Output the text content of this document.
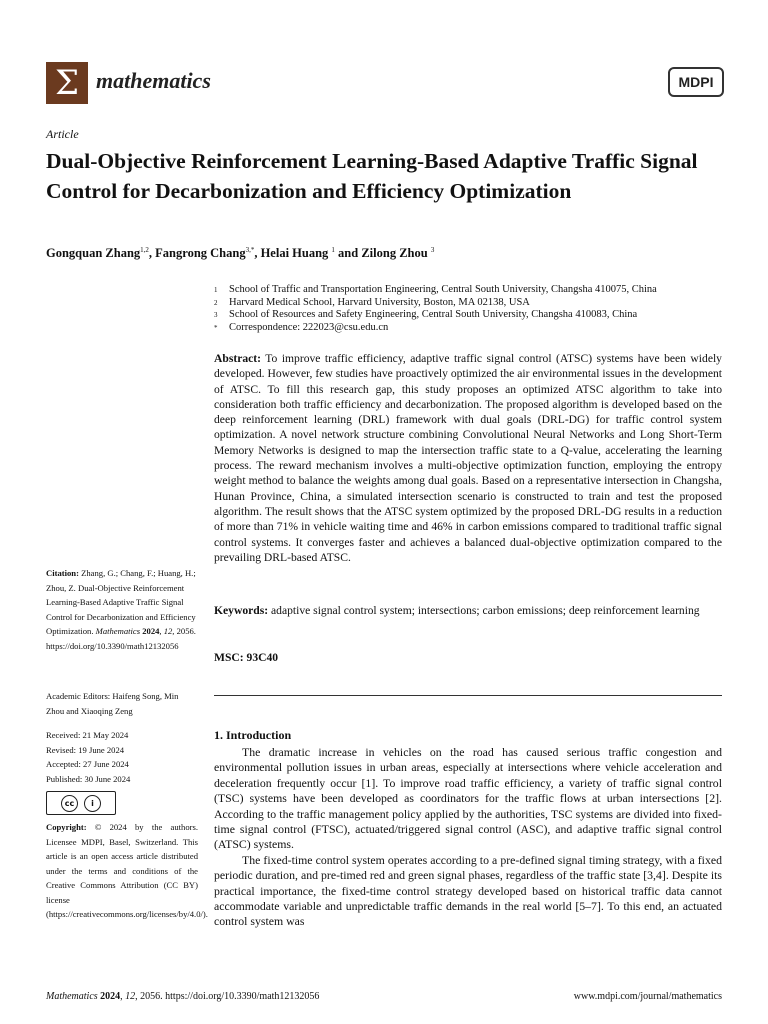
Σ mathematics	MDPI
Article
Dual-Objective Reinforcement Learning-Based Adaptive Traffic Signal Control for Decarbonization and Efficiency Optimization
Gongquan Zhang$^{1,2}$, Fangrong Chang$^{3,*}$, Helai Huang $^1$ and Zilong Zhou $^3$
1	School of Traffic and Transportation Engineering, Central South University, Changsha 410075, China
2	Harvard Medical School, Harvard University, Boston, MA 02138, USA
3	School of Resources and Safety Engineering, Central South University, Changsha 410083, China
*	Correspondence: 222023@csu.edu.cn
Abstract: To improve traffic efficiency, adaptive traffic signal control (ATSC) systems have been widely developed. However, few studies have proactively optimized the air environmental issues in the development of ATSC. To fill this research gap, this study proposes an optimized ATSC algorithm to take into consideration both traffic efficiency and decarbonization. The proposed algorithm is developed based on the deep reinforcement learning (DRL) framework with dual goals (DRL-DG) for traffic control system optimization. A novel network structure combining Convolutional Neural Networks and Long Short-Term Memory Networks is designed to map the intersection traffic state to a Q-value, accelerating the learning process. The reward mechanism involves a multi-objective optimization function, employing the entropy weight method to balance the weights among dual goals. Based on a representative intersection in Changsha, Hunan Province, China, a simulated intersection scenario is constructed to train and test the proposed algorithm. The result shows that the ATSC system optimized by the proposed DRL-DG results in a reduction of more than 71% in vehicle waiting time and 46% in carbon emissions compared to traditional traffic signal control systems. It converges faster and achieves a balanced dual-objective optimization compared to the prevailing DRL-based ATSC.
Keywords: adaptive signal control system; intersections; carbon emissions; deep reinforcement learning
MSC: 93C40
1. Introduction

The dramatic increase in vehicles on the road has caused serious traffic congestion and environmental pollution issues in urban areas, especially at intersections where vehicle acceleration and deceleration frequently occur [1]. To improve road traffic efficiency, a variety of traffic signal control (TSC) systems have been developed as coordinators for the traffic flows at urban intersections [2]. According to the traffic management policy applied by the authorities, TSC systems are divided into fixed-time signal control (FTSC), actuated/triggered signal control (ASC), and adaptive traffic signal control (ATSC) systems.

The fixed-time control system operates according to a pre-defined signal timing strategy, with a fixed periodic duration, and pre-timed red and green signal phases, regardless of the traffic state [3,4]. Despite its practical importance, the fixed-time control strategy developed based on historical traffic data cannot accommodate variable and unpredictable traffic demands in the real world [5–7]. To this end, an actuated control system was

Citation: Zhang, G.; Chang, F.; Huang, H.; Zhou, Z. Dual-Objective Reinforcement Learning-Based Adaptive Traffic Signal Control for Decarbonization and Efficiency Optimization. Mathematics 2024, 12, 2056. https://doi.org/10.3390/math12132056
Academic Editors: Haifeng Song, Min Zhou and Xiaoqing Zeng
Received: 21 May 2024
Revised: 19 June 2024
Accepted: 27 June 2024
Published: 30 June 2024
cc	i
Copyright: © 2024 by the authors. Licensee MDPI, Basel, Switzerland. This article is an open access article distributed under the terms and conditions of the Creative Commons Attribution (CC BY) license (https://creativecommons.org/licenses/by/4.0/).
Mathematics 2024, 12, 2056. https://doi.org/10.3390/math12132056	www.mdpi.com/journal/mathematics
